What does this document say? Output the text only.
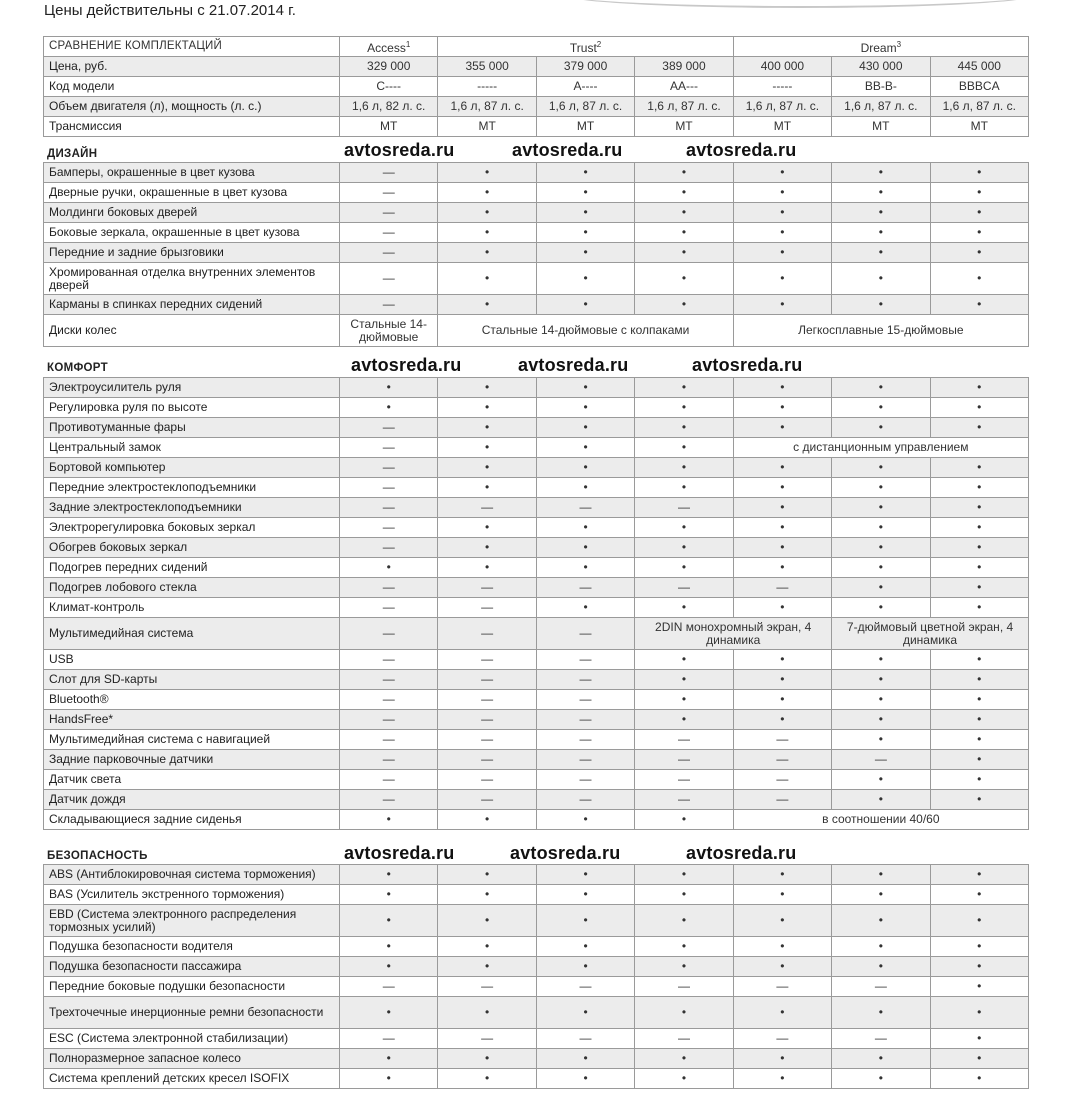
Цены действительны с 21.07.2014 г.
СРАВНЕНИЕ КОМПЛЕКТАЦИЙ	Access$^1$	Trust$^2$			Dream$^3$
Цена, руб.	329 000	355 000	379 000	389 000	400 000	430 000	445 000
Код модели	C----	-----	A----	AA---	-----	BB-B-	BBBCA
Объем двигателя (л), мощность (л. с.)	1,6 л, 82 л. с.	1,6 л, 87 л. с.	1,6 л, 87 л. с.	1,6 л, 87 л. с.	1,6 л, 87 л. с.	1,6 л, 87 л. с.	1,6 л, 87 л. с.
Трансмиссия	MT	MT	MT	MT	MT	MT	MT
ДИЗАЙН
Бамперы, окрашенные в цвет кузова	—	•	•	•	•	•	•
Дверные ручки, окрашенные в цвет кузова	—	•	•	•	•	•	•
Молдинги боковых дверей	—	•	•	•	•	•	•
Боковые зеркала, окрашенные в цвет кузова	—	•	•	•	•	•	•
Передние и задние брызговики	—	•	•	•	•	•	•
Хромированная отделка внутренних элементов дверей	—	•	•	•	•	•	•
Карманы в спинках передних сидений	—	•	•	•	•	•	•
Диски колес	Стальные 14-дюймовые	Стальные 14-дюймовые с колпаками			Легкосплавные 15-дюймовые		
КОМФОРТ
Электроусилитель руля	•	•	•	•	•	•	•
Регулировка руля по высоте	•	•	•	•	•	•	•
Противотуманные фары	—	•	•	•	•	•	•
Центральный замок	—	•	•	•	с дистанционным управлением		
Бортовой компьютер	—	•	•	•	•	•	•
Передние электростеклоподъемники	—	•	•	•	•	•	•
Задние электростеклоподъемники	—	—	—	—	•	•	•
Электрорегулировка боковых зеркал	—	•	•	•	•	•	•
Обогрев боковых зеркал	—	•	•	•	•	•	•
Подогрев передних сидений	•	•	•	•	•	•	•
Подогрев лобового стекла	—	—	—	—	—	•	•
Климат-контроль	—	—	•	•	•	•	•
Мультимедийная система	—	—	—	2DIN монохромный экран, 4 динамика		7-дюймовый цветной экран, 4 динамика	
USB	—	—	—	•	•	•	•
Слот для SD-карты	—	—	—	•	•	•	•
Bluetooth®	—	—	—	•	•	•	•
HandsFree*	—	—	—	•	•	•	•
Мультимедийная система с навигацией	—	—	—	—	—	•	•
Задние парковочные датчики	—	—	—	—	—	—	•
Датчик света	—	—	—	—	—	•	•
Датчик дождя	—	—	—	—	—	•	•
Складывающиеся задние сиденья	•	•	•	•	в соотношении 40/60		
БЕЗОПАСНОСТЬ
ABS (Антиблокировочная система торможения)	•	•	•	•	•	•	•
BAS (Усилитель экстренного торможения)	•	•	•	•	•	•	•
EBD (Система электронного распределения тормозных усилий)	•	•	•	•	•	•	•
Подушка безопасности водителя	•	•	•	•	•	•	•
Подушка безопасности пассажира	•	•	•	•	•	•	•
Передние боковые подушки безопасности	—	—	—	—	—	—	•
Трехточечные инерционные ремни безопасности	•	•	•	•	•	•	•
ESC (Система электронной стабилизации)	—	—	—	—	—	—	•
Полноразмерное запасное колесо	•	•	•	•	•	•	•
Система креплений детских кресел ISOFIX	•	•	•	•	•	•	•
avtosreda.ru	avtosreda.ru	avtosreda.ru
avtosreda.ru	avtosreda.ru	avtosreda.ru
avtosreda.ru	avtosreda.ru	avtosreda.ru
